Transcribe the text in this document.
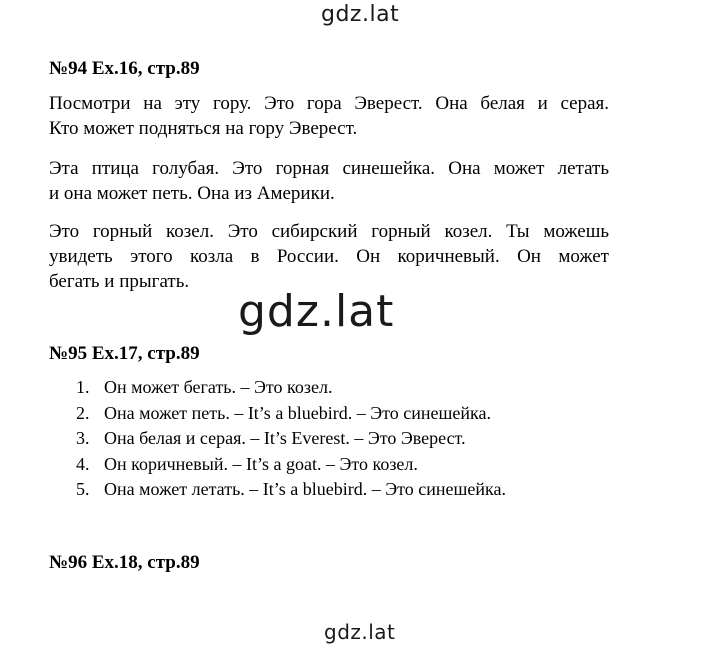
gdz.lat
№94 Ex.16, стр.89
Посмотри на эту гору. Это гора Эверест. Она белая и серая.
Кто может подняться на гору Эверест.
Эта птица голубая. Это горная синешейка. Она может летать
и она может петь. Она из Америки.
Это горный козел. Это сибирский горный козел. Ты можешь
увидеть этого козла в России. Он коричневый. Он может
бегать и прыгать.
gdz.lat
№95 Ex.17, стр.89
1. Он может бегать. – Это козел.
2. Она может петь. – It’s a bluebird. – Это синешейка.
3. Она белая и серая. – It’s Everest. – Это Эверест.
4. Он коричневый. – It’s a goat. – Это козел.
5. Она может летать. – It’s a bluebird. – Это синешейка.
№96 Ex.18, стр.89
gdz.lat
